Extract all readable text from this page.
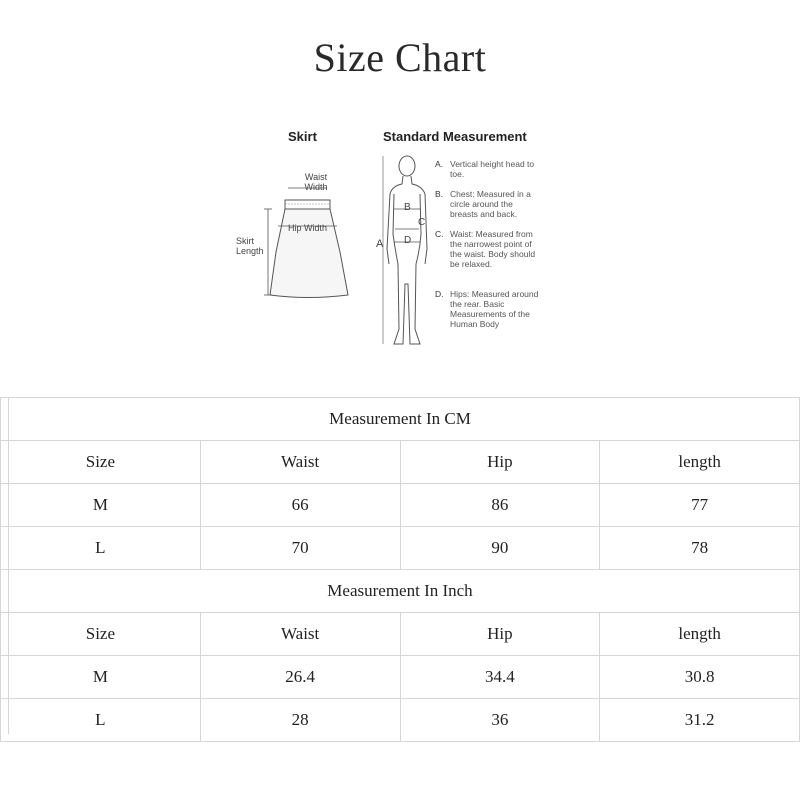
Size Chart
Skirt	Standard Measurement
Waist Width
Hip Width
Skirt Length
A
B
C
D
A. Vertical height head to toe.
B. Chest: Measured in a circle around the breasts and back.
C. Waist: Measured from the narrowest point of the waist. Body should be relaxed.
D. Hips: Measured around the rear. Basic Measurements of the Human Body
Measurement In CM			
Size	Waist	Hip	length
M	66	86	77
L	70	90	78
Measurement In Inch			
Size	Waist	Hip	length
M	26.4	34.4	30.8
L	28	36	31.2
